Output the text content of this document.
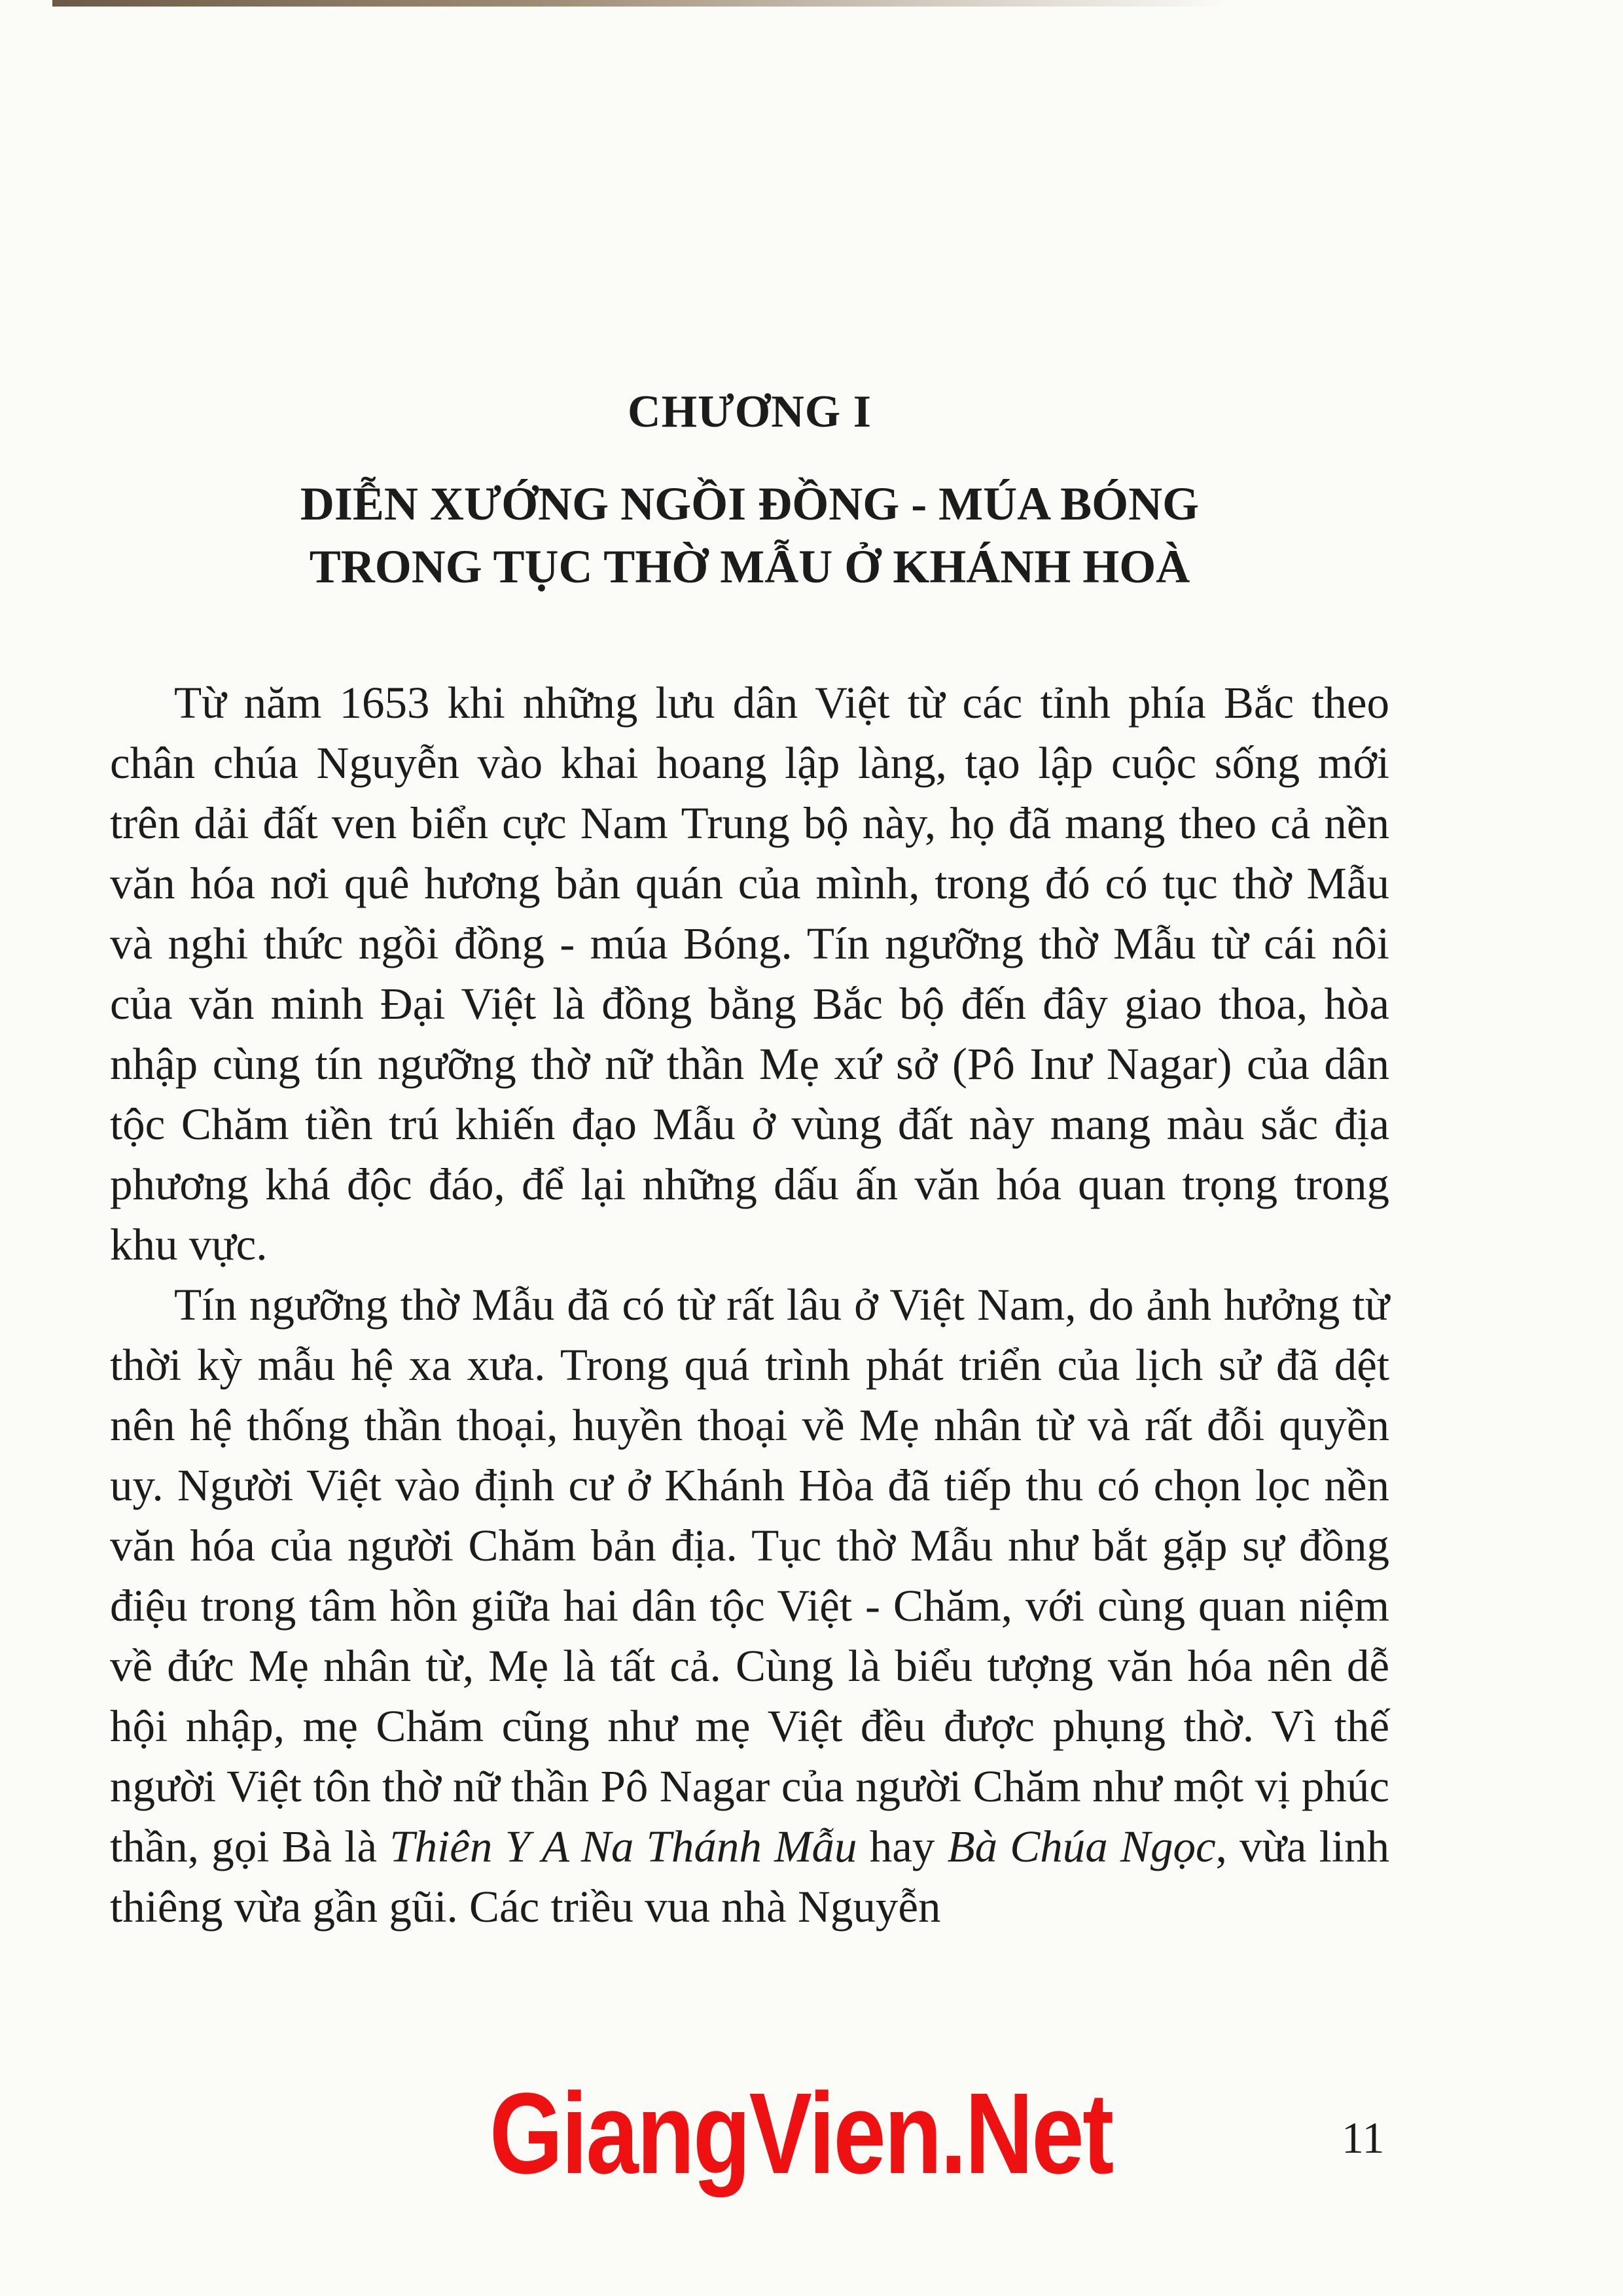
CHƯƠNG I
DIỄN XƯỚNG NGỒI ĐỒNG - MÚA BÓNG
TRONG TỤC THỜ MẪU Ở KHÁNH HOÀ

Từ năm 1653 khi những lưu dân Việt từ các tỉnh phía Bắc theo chân chúa Nguyễn vào khai hoang lập làng, tạo lập cuộc sống mới trên dải đất ven biển cực Nam Trung bộ này, họ đã mang theo cả nền văn hóa nơi quê hương bản quán của mình, trong đó có tục thờ Mẫu và nghi thức ngồi đồng - múa Bóng. Tín ngưỡng thờ Mẫu từ cái nôi của văn minh Đại Việt là đồng bằng Bắc bộ đến đây giao thoa, hòa nhập cùng tín ngưỡng thờ nữ thần Mẹ xứ sở (Pô Inư Nagar) của dân tộc Chăm tiền trú khiến đạo Mẫu ở vùng đất này mang màu sắc địa phương khá độc đáo, để lại những dấu ấn văn hóa quan trọng trong khu vực.

Tín ngưỡng thờ Mẫu đã có từ rất lâu ở Việt Nam, do ảnh hưởng từ thời kỳ mẫu hệ xa xưa. Trong quá trình phát triển của lịch sử đã dệt nên hệ thống thần thoại, huyền thoại về Mẹ nhân từ và rất đỗi quyền uy. Người Việt vào định cư ở Khánh Hòa đã tiếp thu có chọn lọc nền văn hóa của người Chăm bản địa. Tục thờ Mẫu như bắt gặp sự đồng điệu trong tâm hồn giữa hai dân tộc Việt - Chăm, với cùng quan niệm về đức Mẹ nhân từ, Mẹ là tất cả. Cùng là biểu tượng văn hóa nên dễ hội nhập, mẹ Chăm cũng như mẹ Việt đều được phụng thờ. Vì thế người Việt tôn thờ nữ thần Pô Nagar của người Chăm như một vị phúc thần, gọi Bà là Thiên Y A Na Thánh Mẫu hay Bà Chúa Ngọc, vừa linh thiêng vừa gần gũi. Các triều vua nhà Nguyễn

GiangVien.Net	11
